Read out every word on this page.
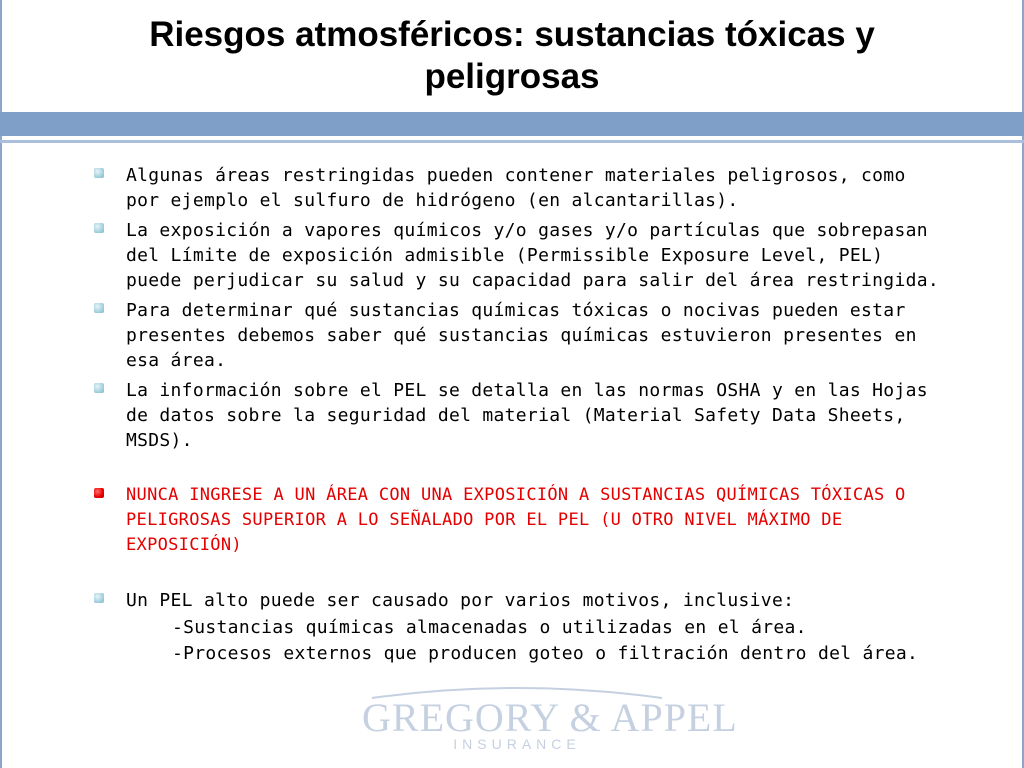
Riesgos atmosféricos: sustancias tóxicas y peligrosas
Algunas áreas restringidas pueden contener materiales peligrosos, como por ejemplo el sulfuro de hidrógeno (en alcantarillas).
La exposición a vapores químicos y/o gases y/o partículas que sobrepasan del Límite de exposición admisible (Permissible Exposure Level, PEL) puede perjudicar su salud y su capacidad para salir del área restringida.
Para determinar qué sustancias químicas tóxicas o nocivas pueden estar presentes debemos saber qué sustancias químicas estuvieron presentes en esa área.
La información sobre el PEL se detalla en las normas OSHA y en las Hojas de datos sobre la seguridad del material (Material Safety Data Sheets, MSDS).
NUNCA INGRESE A UN ÁREA CON UNA EXPOSICIÓN A SUSTANCIAS QUÍMICAS TÓXICAS O PELIGROSAS SUPERIOR A LO SEÑALADO POR EL PEL (U OTRO NIVEL MÁXIMO DE EXPOSICIÓN)
Un PEL alto puede ser causado por varios motivos, inclusive:
-Sustancias químicas almacenadas o utilizadas en el área.
-Procesos externos que producen goteo o filtración dentro del área.
GREGORY & APPEL
INSURANCE
